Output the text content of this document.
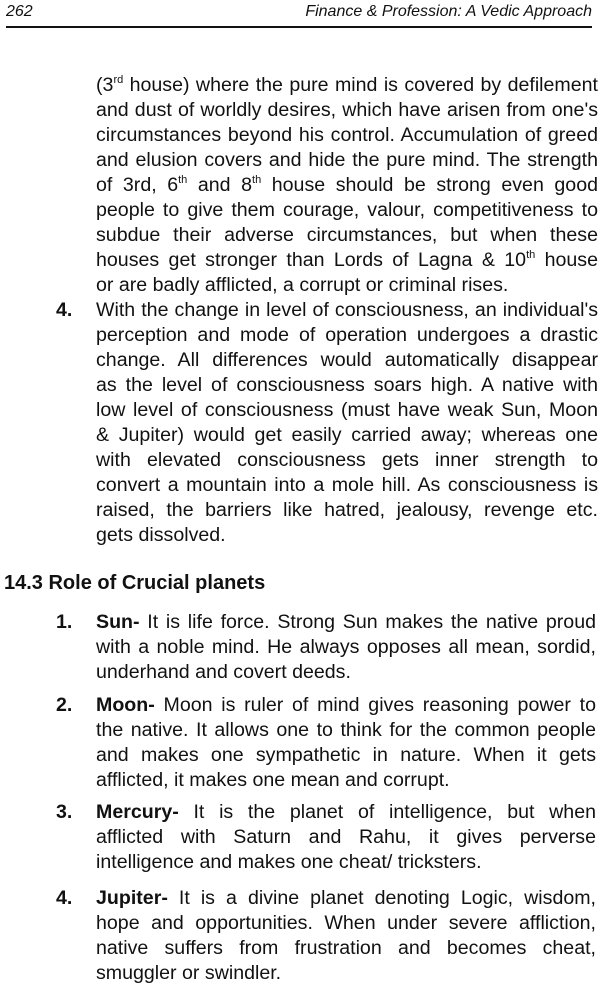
262	Finance & Profession: A Vedic Approach
(3rd house) where the pure mind is covered by defilement
and dust of worldly desires, which have arisen from one's
circumstances beyond his control. Accumulation of greed
and elusion covers and hide the pure mind. The strength
of 3rd, 6th and 8th house should be strong even good
people to give them courage, valour, competitiveness to
subdue their adverse circumstances, but when these
houses get stronger than Lords of Lagna & 10th house
or are badly afflicted, a corrupt or criminal rises.
4. With the change in level of consciousness, an individual's
perception and mode of operation undergoes a drastic
change. All differences would automatically disappear
as the level of consciousness soars high. A native with
low level of consciousness (must have weak Sun, Moon
& Jupiter) would get easily carried away; whereas one
with elevated consciousness gets inner strength to
convert a mountain into a mole hill. As consciousness is
raised, the barriers like hatred, jealousy, revenge etc.
gets dissolved.
14.3 Role of Crucial planets
1. Sun- It is life force. Strong Sun makes the native proud
with a noble mind. He always opposes all mean, sordid,
underhand and covert deeds.
2. Moon- Moon is ruler of mind gives reasoning power to
the native. It allows one to think for the common people
and makes one sympathetic in nature. When it gets
afflicted, it makes one mean and corrupt.
3. Mercury- It is the planet of intelligence, but when
afflicted with Saturn and Rahu, it gives perverse
intelligence and makes one cheat/ tricksters.
4. Jupiter- It is a divine planet denoting Logic, wisdom,
hope and opportunities. When under severe affliction,
native suffers from frustration and becomes cheat,
smuggler or swindler.
